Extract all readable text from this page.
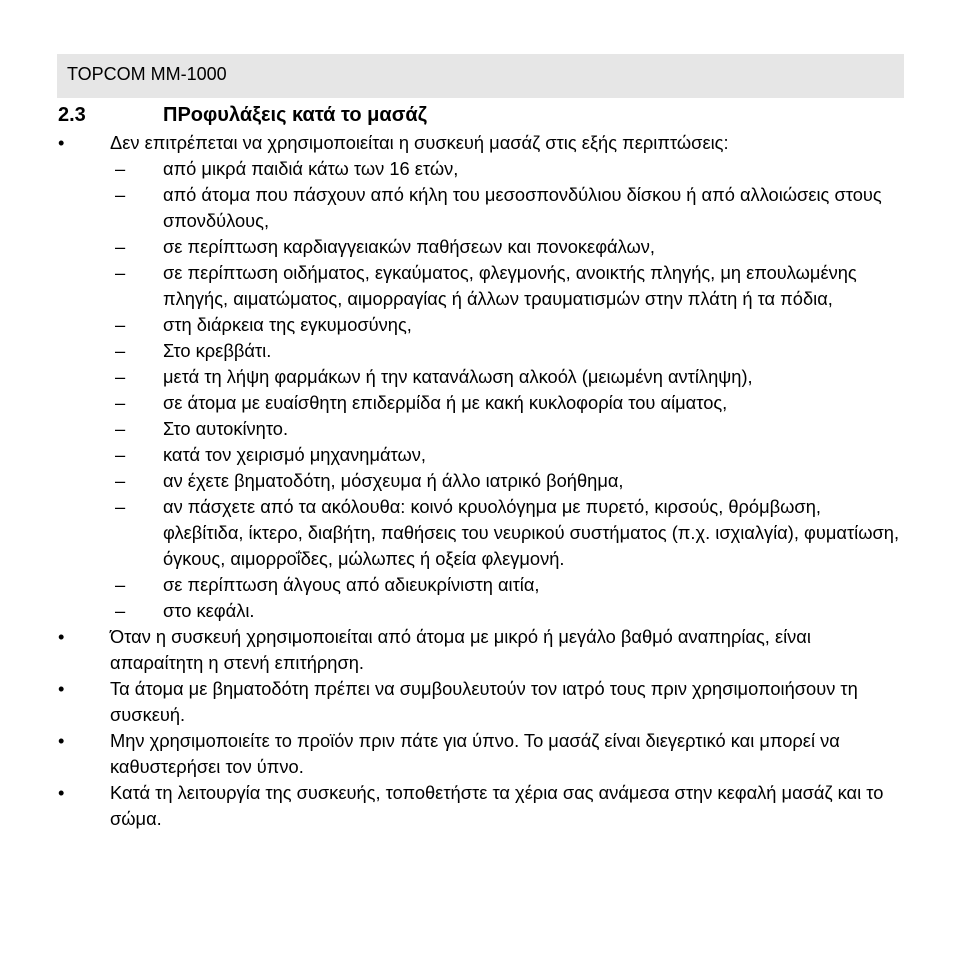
TOPCOM MM-1000
2.3	ΠΡοφυλάξεις κατά το μασάζ
• Δεν επιτρέπεται να χρησιμοποιείται η συσκευή μασάζ στις εξής περιπτώσεις:
– από μικρά παιδιά κάτω των 16 ετών,
– από άτομα που πάσχουν από κήλη του μεσοσπονδύλιου δίσκου ή από αλλοιώσεις στους σπονδύλους,
– σε περίπτωση καρδιαγγειακών παθήσεων και πονοκεφάλων,
– σε περίπτωση οιδήματος, εγκαύματος, φλεγμονής, ανοικτής πληγής, μη επουλωμένης πληγής, αιματώματος, αιμορραγίας ή άλλων τραυματισμών στην πλάτη ή τα πόδια,
– στη διάρκεια της εγκυμοσύνης,
– Στο κρεββάτι.
– μετά τη λήψη φαρμάκων ή την κατανάλωση αλκοόλ (μειωμένη αντίληψη),
– σε άτομα με ευαίσθητη επιδερμίδα ή με κακή κυκλοφορία του αίματος,
– Στο αυτοκίνητο.
– κατά τον χειρισμό μηχανημάτων,
– αν έχετε βηματοδότη, μόσχευμα ή άλλο ιατρικό βοήθημα,
– αν πάσχετε από τα ακόλουθα: κοινό κρυολόγημα με πυρετό, κιρσούς, θρόμβωση, φλεβίτιδα, ίκτερο, διαβήτη, παθήσεις του νευρικού συστήματος (π.χ. ισχιαλγία), φυματίωση, όγκους, αιμορροΐδες, μώλωπες ή οξεία φλεγμονή.
– σε περίπτωση άλγους από αδιευκρίνιστη αιτία,
– στο κεφάλι.
• Όταν η συσκευή χρησιμοποιείται από άτομα με μικρό ή μεγάλο βαθμό αναπηρίας, είναι απαραίτητη η στενή επιτήρηση.
• Τα άτομα με βηματοδότη πρέπει να συμβουλευτούν τον ιατρό τους πριν χρησιμοποιήσουν τη συσκευή.
• Μην χρησιμοποιείτε το προϊόν πριν πάτε για ύπνο. Το μασάζ είναι διεγερτικό και μπορεί να καθυστερήσει τον ύπνο.
• Κατά τη λειτουργία της συσκευής, τοποθετήστε τα χέρια σας ανάμεσα στην κεφαλή μασάζ και το σώμα.
